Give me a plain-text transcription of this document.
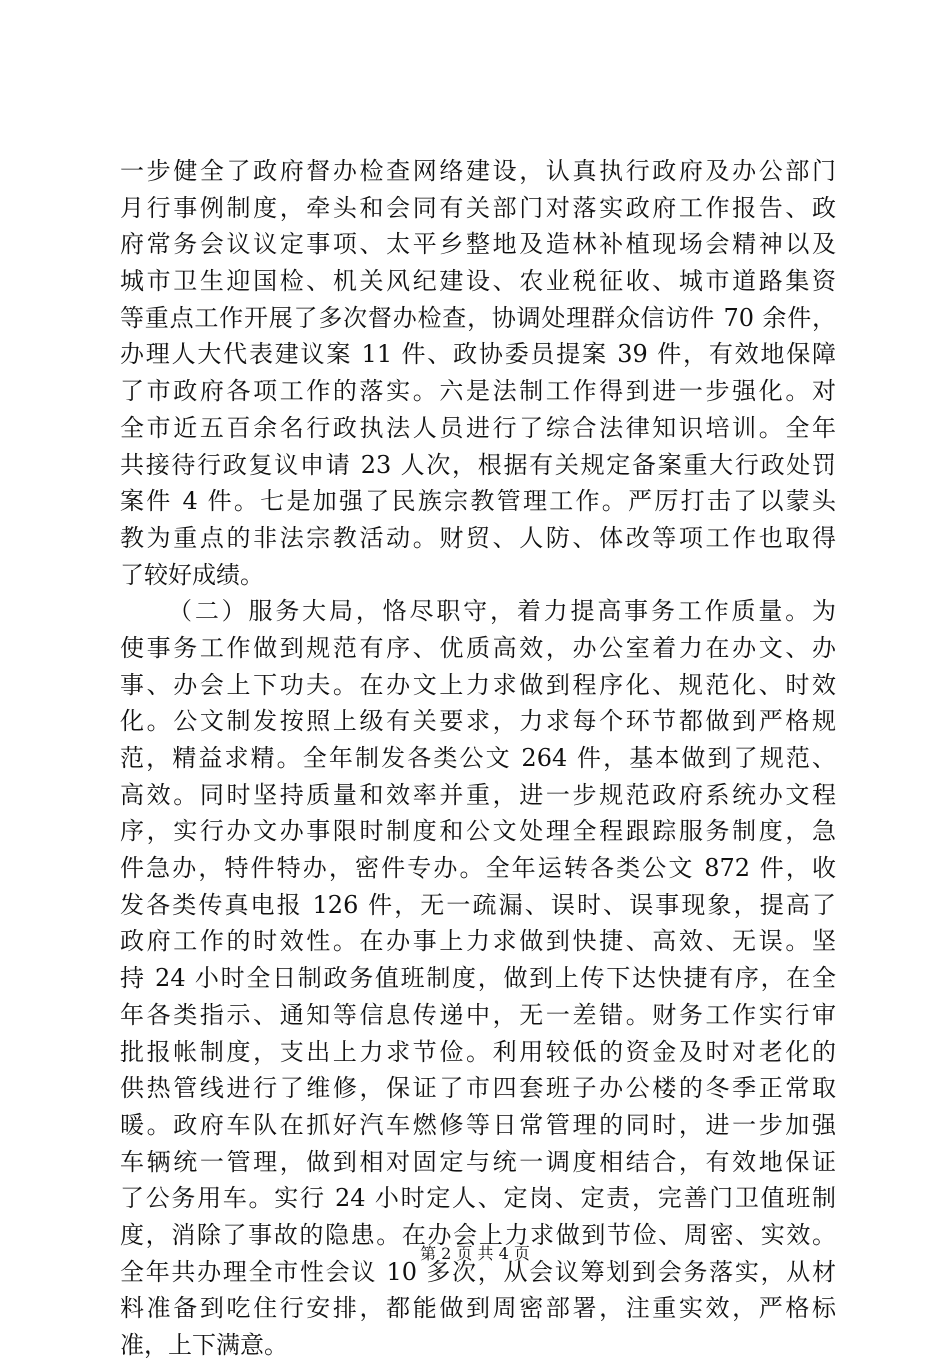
一步健全了政府督办检查网络建设，认真执行政府及办公部门
月行事例制度，牵头和会同有关部门对落实政府工作报告、政
府常务会议议定事项、太平乡整地及造林补植现场会精神以及
城市卫生迎国检、机关风纪建设、农业税征收、城市道路集资
等重点工作开展了多次督办检查，协调处理群众信访件 70 余件，
办理人大代表建议案 11 件、政协委员提案 39 件，有效地保障
了市政府各项工作的落实。六是法制工作得到进一步强化。对
全市近五百余名行政执法人员进行了综合法律知识培训。全年
共接待行政复议申请 23 人次，根据有关规定备案重大行政处罚
案件 4 件。七是加强了民族宗教管理工作。严厉打击了以蒙头
教为重点的非法宗教活动。财贸、人防、体改等项工作也取得
了较好成绩。
（二）服务大局，恪尽职守，着力提高事务工作质量。为
使事务工作做到规范有序、优质高效，办公室着力在办文、办
事、办会上下功夫。在办文上力求做到程序化、规范化、时效
化。公文制发按照上级有关要求，力求每个环节都做到严格规
范，精益求精。全年制发各类公文 264 件，基本做到了规范、
高效。同时坚持质量和效率并重，进一步规范政府系统办文程
序，实行办文办事限时制度和公文处理全程跟踪服务制度，急
件急办，特件特办，密件专办。全年运转各类公文 872 件，收
发各类传真电报 126 件，无一疏漏、误时、误事现象，提高了
政府工作的时效性。在办事上力求做到快捷、高效、无误。坚
持 24 小时全日制政务值班制度，做到上传下达快捷有序，在全
年各类指示、通知等信息传递中，无一差错。财务工作实行审
批报帐制度，支出上力求节俭。利用较低的资金及时对老化的
供热管线进行了维修，保证了市四套班子办公楼的冬季正常取
暖。政府车队在抓好汽车燃修等日常管理的同时，进一步加强
车辆统一管理，做到相对固定与统一调度相结合，有效地保证
了公务用车。实行 24 小时定人、定岗、定责，完善门卫值班制
度，消除了事故的隐患。在办会上力求做到节俭、周密、实效。
全年共办理全市性会议 10 多次，从会议筹划到会务落实，从材
料准备到吃住行安排，都能做到周密部署，注重实效，严格标
准，上下满意。
第 2 页 共 4 页
